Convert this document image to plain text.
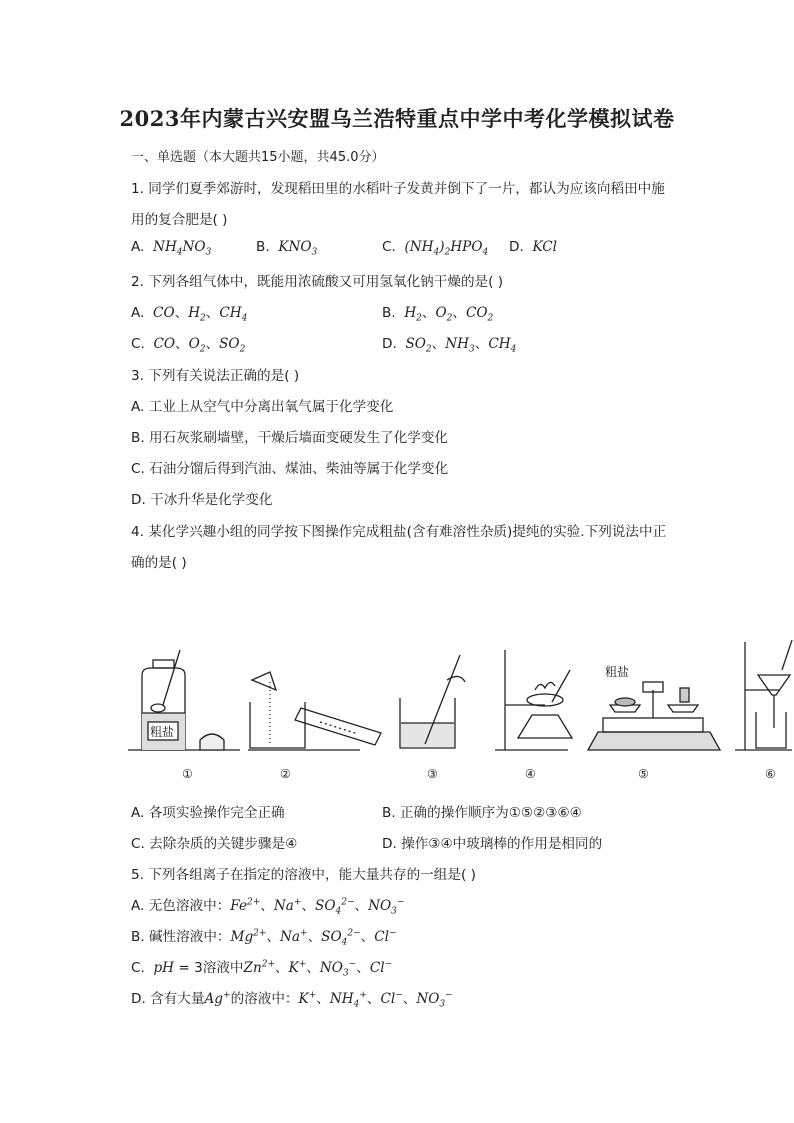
2023年内蒙古兴安盟乌兰浩特重点中学中考化学模拟试卷
一、单选题（本大题共15小题，共45.0分）
1. 同学们夏季郊游时，发现稻田里的水稻叶子发黄并倒下了一片，都认为应该向稻田中施
用的复合肥是( )
A. $NH_4NO_3$	B. $KNO_3$	C. $(NH_4)_2HPO_4$ D. KCl
2. 下列各组气体中，既能用浓硫酸又可用氢氧化钠干燥的是( )
A. CO、$H_2$、$CH_4$	B. $H_2$、$O_2$、$CO_2$
C. CO、$O_2$、$SO_2$	D. $SO_2$、$NH_3$、$CH_4$
3. 下列有关说法正确的是( )
A. 工业上从空气中分离出氧气属于化学变化
B. 用石灰浆刷墙壁，干燥后墙面变硬发生了化学变化
C. 石油分馏后得到汽油、煤油、柴油等属于化学变化
D. 干冰升华是化学变化
4. 某化学兴趣小组的同学按下图操作完成粗盐(含有难溶性杂质)提纯的实验.下列说法中正
确的是( )
粗盐
①	②	③	④
粗盐
⑤	⑥
A. 各项实验操作完全正确	B. 正确的操作顺序为①⑤②③⑥④
C. 去除杂质的关键步骤是④	D. 操作③④中玻璃棒的作用是相同的
5. 下列各组离子在指定的溶液中，能大量共存的一组是( )
A. 无色溶液中：$Fe^{2+}$、Na+、$SO_4^{2-}$、$NO_3^-$
B. 碱性溶液中：$Mg^{2+}$、Na+、$SO_4^{2-}$、Cl−
C. pH = 3溶液中$Zn^{2+}$、K+、$NO_3^-$、Cl−
D. 含有大量Ag+的溶液中：K+、$NH_4^+$、Cl−、$NO_3^-$
